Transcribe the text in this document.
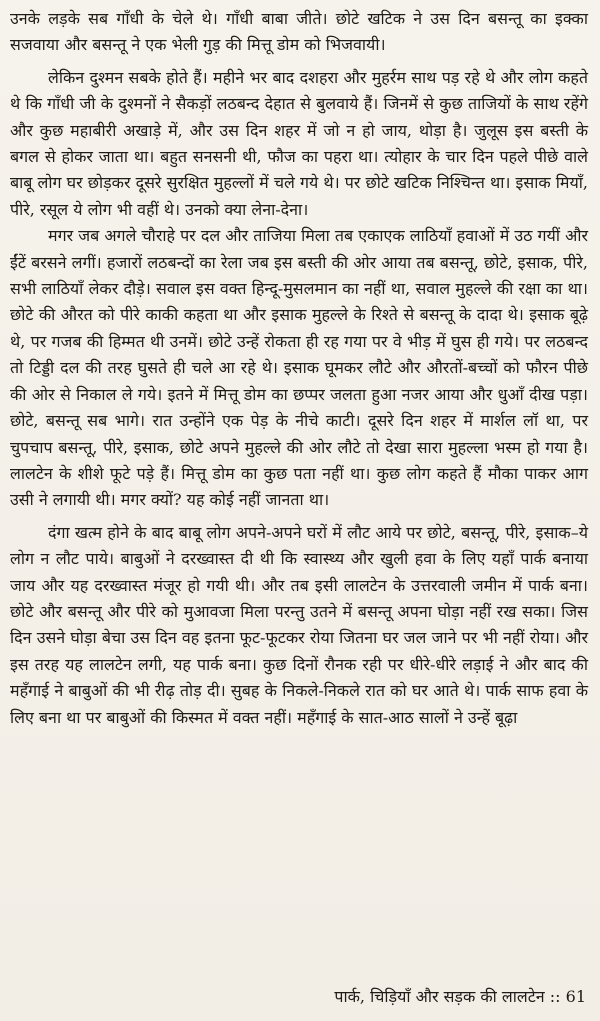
उनके लड़के सब गाँधी के चेले थे। गाँधी बाबा जीते। छोटे खटिक ने उस दिन बसन्तू का इक्का सजवाया और बसन्तू ने एक भेली गुड़ की मित्तू डोम को भिजवायी।

लेकिन दुश्मन सबके होते हैं। महीने भर बाद दशहरा और मुहर्रम साथ पड़ रहे थे और लोग कहते थे कि गाँधी जी के दुश्मनों ने सैकड़ों लठबन्द देहात से बुलवाये हैं। जिनमें से कुछ ताजियों के साथ रहेंगे और कुछ महाबीरी अखाड़े में, और उस दिन शहर में जो न हो जाय, थोड़ा है। जुलूस इस बस्ती के बगल से होकर जाता था। बहुत सनसनी थी, फौज का पहरा था। त्योहार के चार दिन पहले पीछे वाले बाबू लोग घर छोड़कर दूसरे सुरक्षित मुहल्लों में चले गये थे। पर छोटे खटिक निश्चिन्त था। इसाक मियाँ, पीरे, रसूल ये लोग भी वहीं थे। उनको क्या लेना-देना।

मगर जब अगले चौराहे पर दल और ताजिया मिला तब एकाएक लाठियाँ हवाओं में उठ गयीं और ईंटें बरसने लगीं। हजारों लठबन्दों का रेला जब इस बस्ती की ओर आया तब बसन्तू, छोटे, इसाक, पीरे, सभी लाठियाँ लेकर दौड़े। सवाल इस वक्त हिन्दू-मुसलमान का नहीं था, सवाल मुहल्ले की रक्षा का था। छोटे की औरत को पीरे काकी कहता था और इसाक मुहल्ले के रिश्ते से बसन्तू के दादा थे। इसाक बूढ़े थे, पर गजब की हिम्मत थी उनमें। छोटे उन्हें रोकता ही रह गया पर वे भीड़ में घुस ही गये। पर लठबन्द तो टिड्डी दल की तरह घुसते ही चले आ रहे थे। इसाक घूमकर लौटे और औरतों-बच्चों को फौरन पीछे की ओर से निकाल ले गये। इतने में मित्तू डोम का छप्पर जलता हुआ नजर आया और धुआँ दीख पड़ा। छोटे, बसन्तू सब भागे। रात उन्होंने एक पेड़ के नीचे काटी। दूसरे दिन शहर में मार्शल लॉ था, पर चुपचाप बसन्तू, पीरे, इसाक, छोटे अपने मुहल्ले की ओर लौटे तो देखा सारा मुहल्ला भस्म हो गया है। लालटेन के शीशे फूटे पड़े हैं। मित्तू डोम का कुछ पता नहीं था। कुछ लोग कहते हैं मौका पाकर आग उसी ने लगायी थी। मगर क्यों? यह कोई नहीं जानता था।

दंगा खत्म होने के बाद बाबू लोग अपने-अपने घरों में लौट आये पर छोटे, बसन्तू, पीरे, इसाक–ये लोग न लौट पाये। बाबुओं ने दरख्वास्त दी थी कि स्वास्थ्य और खुली हवा के लिए यहाँ पार्क बनाया जाय और यह दरख्वास्त मंजूर हो गयी थी। और तब इसी लालटेन के उत्तरवाली जमीन में पार्क बना। छोटे और बसन्तू और पीरे को मुआवजा मिला परन्तु उतने में बसन्तू अपना घोड़ा नहीं रख सका। जिस दिन उसने घोड़ा बेचा उस दिन वह इतना फूट-फूटकर रोया जितना घर जल जाने पर भी नहीं रोया। और इस तरह यह लालटेन लगी, यह पार्क बना। कुछ दिनों रौनक रही पर धीरे-धीरे लड़ाई ने और बाद की महँगाई ने बाबुओं की भी रीढ़ तोड़ दी। सुबह के निकले-निकले रात को घर आते थे। पार्क साफ हवा के लिए बना था पर बाबुओं की किस्मत में वक्त नहीं। महँगाई के सात-आठ सालों ने उन्हें बूढ़ा

पार्क, चिड़ियाँ और सड़क की लालटेन :: 61
